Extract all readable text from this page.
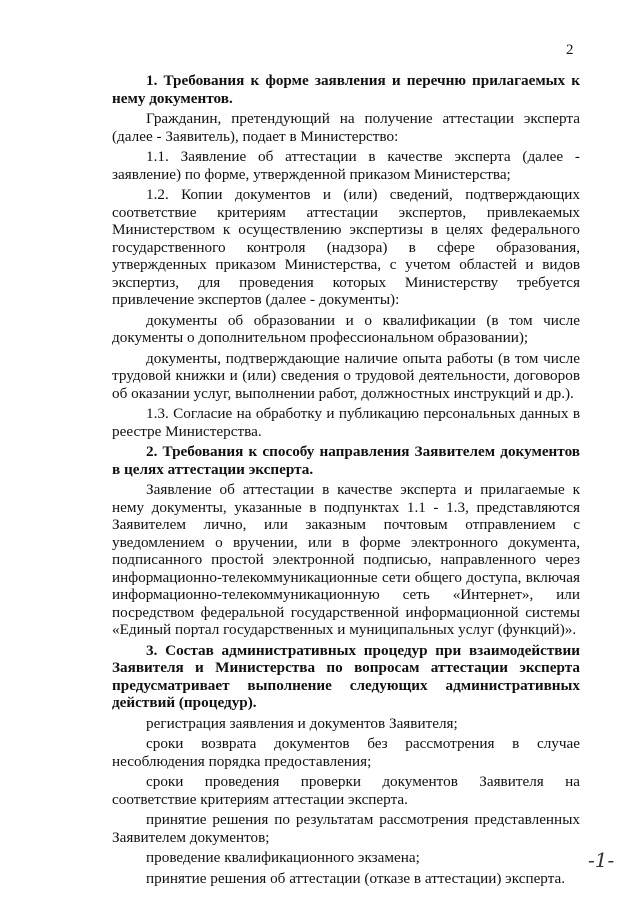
2

1. Требования к форме заявления и перечню прилагаемых к нему документов.

Гражданин, претендующий на получение аттестации эксперта (далее - Заявитель), подает в Министерство:

1.1. Заявление об аттестации в качестве эксперта (далее - заявление) по форме, утвержденной приказом Министерства;

1.2. Копии документов и (или) сведений, подтверждающих соответствие критериям аттестации экспертов, привлекаемых Министерством к осуществлению экспертизы в целях федерального государственного контроля (надзора) в сфере образования, утвержденных приказом Министерства, с учетом областей и видов экспертиз, для проведения которых Министерству требуется привлечение экспертов (далее - документы):

документы об образовании и о квалификации (в том числе документы о дополнительном профессиональном образовании);

документы, подтверждающие наличие опыта работы (в том числе трудовой книжки и (или) сведения о трудовой деятельности, договоров об оказании услуг, выполнении работ, должностных инструкций и др.).

1.3. Согласие на обработку и публикацию персональных данных в реестре Министерства.

2. Требования к способу направления Заявителем документов в целях аттестации эксперта.

Заявление об аттестации в качестве эксперта и прилагаемые к нему документы, указанные в подпунктах 1.1 - 1.3, представляются Заявителем лично, или заказным почтовым отправлением с уведомлением о вручении, или в форме электронного документа, подписанного простой электронной подписью, направленного через информационно-телекоммуникационные сети общего доступа, включая информационно-телекоммуникационную сеть «Интернет», или посредством федеральной государственной информационной системы «Единый портал государственных и муниципальных услуг (функций)».

3. Состав административных процедур при взаимодействии Заявителя и Министерства по вопросам аттестации эксперта предусматривает выполнение следующих административных действий (процедур).

регистрация заявления и документов Заявителя;

сроки возврата документов без рассмотрения в случае несоблюдения порядка предоставления;

сроки проведения проверки документов Заявителя на соответствие критериям аттестации эксперта.

принятие решения по результатам рассмотрения представленных Заявителем документов;

проведение квалификационного экзамена;

принятие решения об аттестации (отказе в аттестации) эксперта.

-1-
